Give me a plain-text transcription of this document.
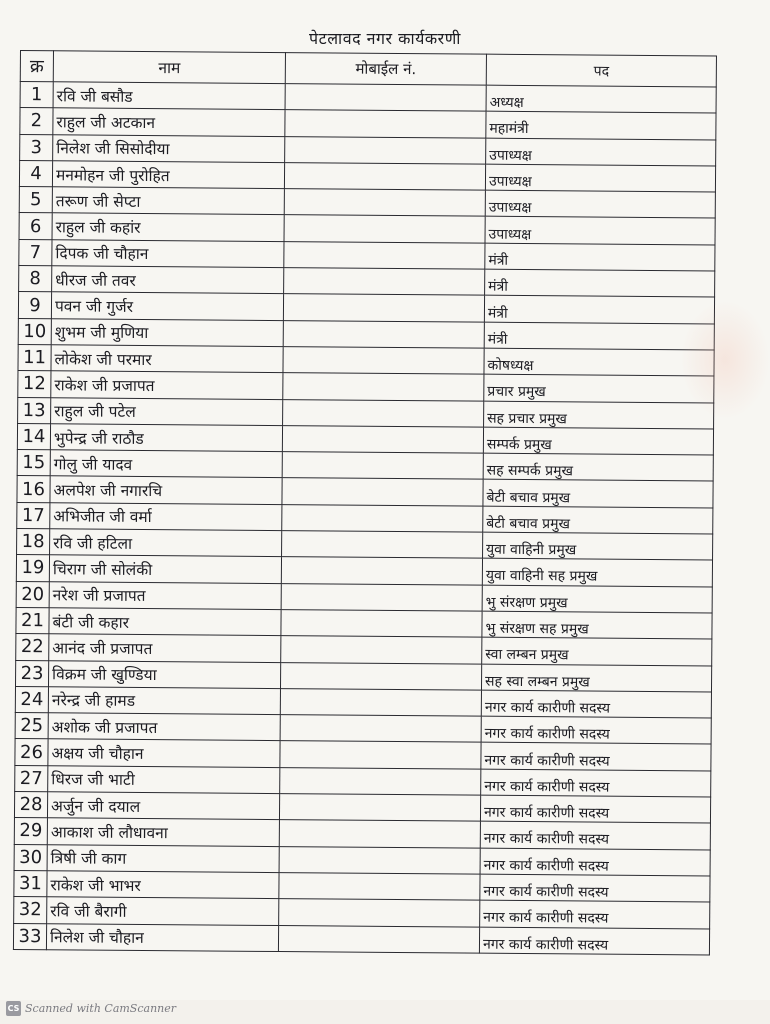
पेटलावद नगर कार्यकरणी
क्र	नाम	मोबाईल नं.	पद
1	रवि जी बसौड		अध्यक्ष
2	राहुल जी अटकान		महामंत्री
3	निलेश जी सिसोदीया		उपाध्यक्ष
4	मनमोहन जी पुरोहित		उपाध्यक्ष
5	तरूण जी सेप्टा		उपाध्यक्ष
6	राहुल जी कहांर		उपाध्यक्ष
7	दिपक जी चौहान		मंत्री
8	धीरज जी तवर		मंत्री
9	पवन जी गुर्जर		मंत्री
10	शुभम जी मुणिया		मंत्री
11	लोकेश जी परमार		कोषध्यक्ष
12	राकेश जी प्रजापत		प्रचार प्रमुख
13	राहुल जी पटेल		सह प्रचार प्रमुख
14	भुपेन्द्र जी राठौड		सम्पर्क प्रमुख
15	गोलु जी यादव		सह सम्पर्क प्रमुख
16	अलपेश जी नगारचि		बेटी बचाव प्रमुख
17	अभिजीत जी वर्मा		बेटी बचाव प्रमुख
18	रवि जी हटिला		युवा वाहिनी प्रमुख
19	चिराग जी सोलंकी		युवा वाहिनी सह प्रमुख
20	नरेश जी प्रजापत		भु संरक्षण प्रमुख
21	बंटी जी कहार		भु संरक्षण सह प्रमुख
22	आनंद जी प्रजापत		स्वा लम्बन प्रमुख
23	विक्रम जी खुण्डिया		सह स्वा लम्बन प्रमुख
24	नरेन्द्र जी हामड		नगर कार्य कारीणी सदस्य
25	अशोक जी प्रजापत		नगर कार्य कारीणी सदस्य
26	अक्षय जी चौहान		नगर कार्य कारीणी सदस्य
27	धिरज जी भाटी		नगर कार्य कारीणी सदस्य
28	अर्जुन जी दयाल		नगर कार्य कारीणी सदस्य
29	आकाश जी लौधावना		नगर कार्य कारीणी सदस्य
30	त्रिषी जी काग		नगर कार्य कारीणी सदस्य
31	राकेश जी भाभर		नगर कार्य कारीणी सदस्य
32	रवि जी बैरागी		नगर कार्य कारीणी सदस्य
33	निलेश जी चौहान		नगर कार्य कारीणी सदस्य
CS Scanned with CamScanner
